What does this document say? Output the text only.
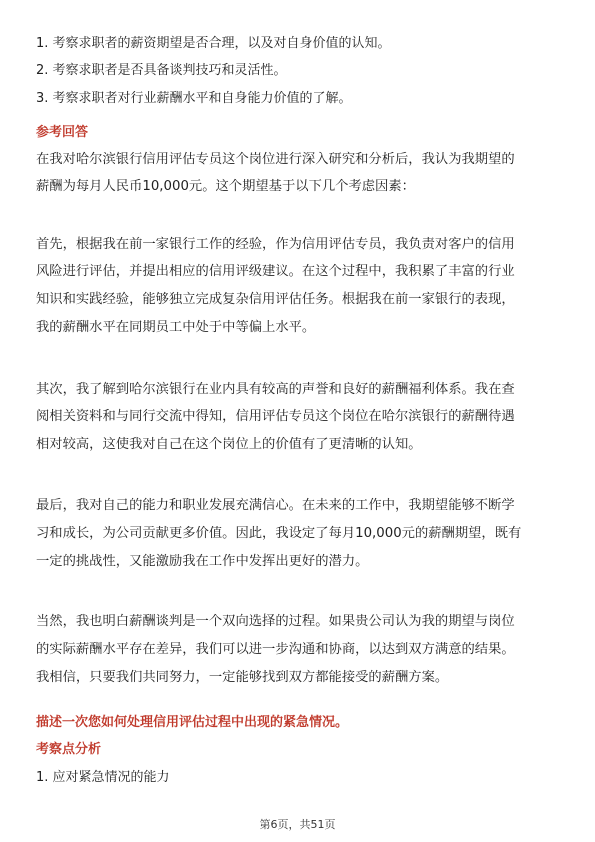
1. 考察求职者的薪资期望是否合理，以及对自身价值的认知。
2. 考察求职者是否具备谈判技巧和灵活性。
3. 考察求职者对行业薪酬水平和自身能力价值的了解。
参考回答
在我对哈尔滨银行信用评估专员这个岗位进行深入研究和分析后，我认为我期望的
薪酬为每月人民币10,000元。这个期望基于以下几个考虑因素：
首先，根据我在前一家银行工作的经验，作为信用评估专员，我负责对客户的信用
风险进行评估，并提出相应的信用评级建议。在这个过程中，我积累了丰富的行业
知识和实践经验，能够独立完成复杂信用评估任务。根据我在前一家银行的表现，
我的薪酬水平在同期员工中处于中等偏上水平。
其次，我了解到哈尔滨银行在业内具有较高的声誉和良好的薪酬福利体系。我在查
阅相关资料和与同行交流中得知，信用评估专员这个岗位在哈尔滨银行的薪酬待遇
相对较高，这使我对自己在这个岗位上的价值有了更清晰的认知。
最后，我对自己的能力和职业发展充满信心。在未来的工作中，我期望能够不断学
习和成长，为公司贡献更多价值。因此，我设定了每月10,000元的薪酬期望，既有
一定的挑战性，又能激励我在工作中发挥出更好的潜力。
当然，我也明白薪酬谈判是一个双向选择的过程。如果贵公司认为我的期望与岗位
的实际薪酬水平存在差异，我们可以进一步沟通和协商，以达到双方满意的结果。
我相信，只要我们共同努力，一定能够找到双方都能接受的薪酬方案。
描述一次您如何处理信用评估过程中出现的紧急情况。
考察点分析
1. 应对紧急情况的能力
第6页，共51页
